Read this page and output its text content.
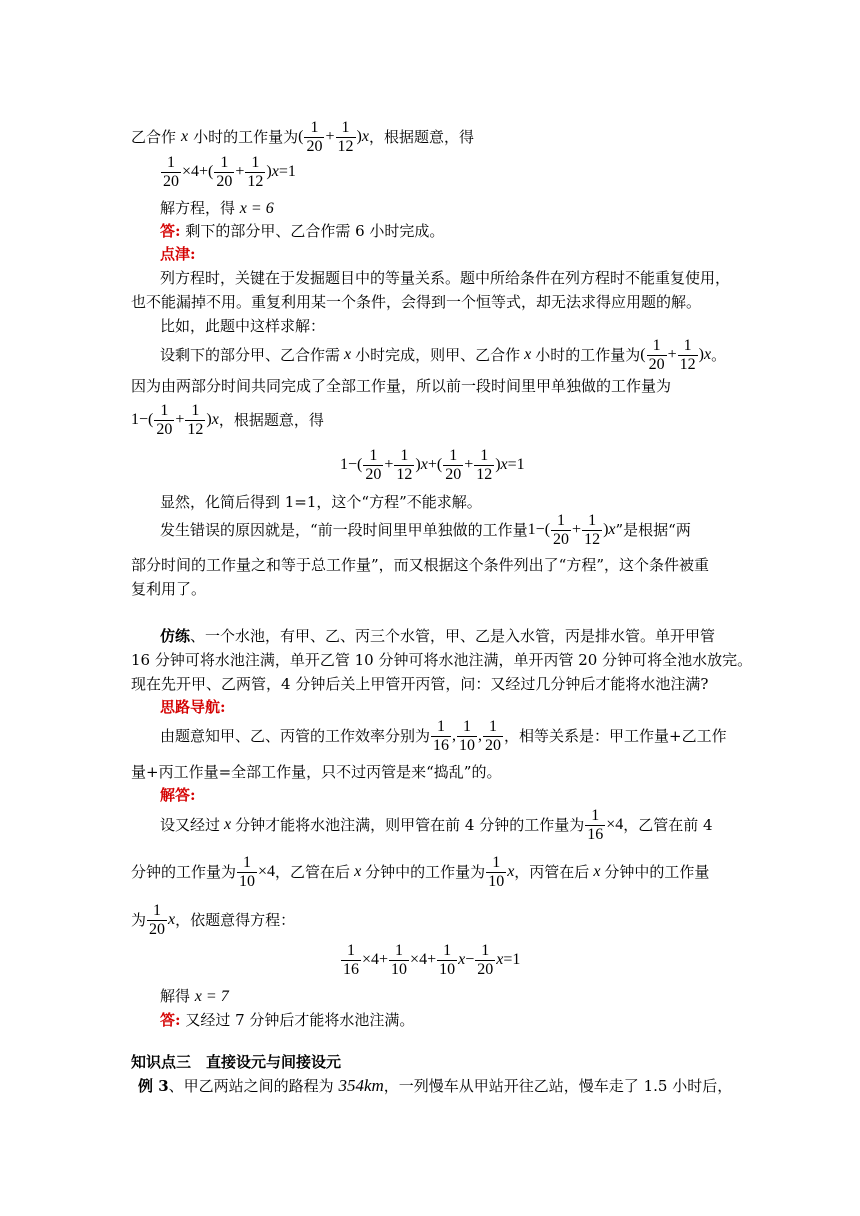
乙合作 x 小时的工作量为 ( $\frac{1}{20} + \frac{1}{12}$ ) x ，根据题意，得
$\frac{1}{20} \times 4+$ ( $\frac{1}{20} + \frac{1}{12}$ ) x =1
解方程，得 x = 6
答: 剩下的部分甲、乙合作需 6 小时完成。
点津:
列方程时，关键在于发掘题目中的等量关系。题中所给条件在列方程时不能重复使用，
也不能漏掉不用。重复利用某一个条件，会得到一个恒等式，却无法求得应用题的解。
比如，此题中这样求解：
设剩下的部分甲、乙合作需 x 小时完成，则甲、乙合作 x 小时的工作量为 ( $\frac{1}{20} + \frac{1}{12}$ ) x 。
因为由两部分时间共同完成了全部工作量，所以前一段时间里甲单独做的工作量为
$1-( \frac{1}{20} + \frac{1}{12}$ ) x ，根据题意，得
$1-( \frac{1}{20} + \frac{1}{12}$ ) x +( $\frac{1}{20} + \frac{1}{12}$ ) x =1
显然，化简后得到 1=1，这个“方程”不能求解。
发生错误的原因就是，“前一段时间里甲单独做的工作量 $1-( \frac{1}{20} + \frac{1}{12}$ ) x ”是根据“两
部分时间的工作量之和等于总工作量”，而又根据这个条件列出了“方程”，这个条件被重
复利用了。
仿练、一个水池，有甲、乙、丙三个水管，甲、乙是入水管，丙是排水管。单开甲管
16 分钟可将水池注满，单开乙管 10 分钟可将水池注满，单开丙管 20 分钟可将全池水放完。
现在先开甲、乙两管，4 分钟后关上甲管开丙管，问：又经过几分钟后才能将水池注满?
思路导航:
由题意知甲、乙、丙管的工作效率分别为 $\frac{1}{16}$ , $\frac{1}{10}$ , $\frac{1}{20}$ ，相等关系是：甲工作量+乙工作
量+丙工作量=全部工作量，只不过丙管是来“捣乱”的。
解答:
设又经过 x 分钟才能将水池注满，则甲管在前 4 分钟的工作量为 $\frac{1}{16} \times 4$ ，乙管在前 4
分钟的工作量为 $\frac{1}{10} \times 4$ ，乙管在后 x 分钟中的工作量为 $\frac{1}{10}$ x ，丙管在后 x 分钟中的工作量
为 $\frac{1}{20}$ x ，依题意得方程：
$\frac{1}{16} \times 4+ \frac{1}{10} \times 4+ \frac{1}{10}$ $x - \frac{1}{20}$ x =1
解得 x = 7
答: 又经过 7 分钟后才能将水池注满。
知识点三　直接设元与间接设元
例 3、甲乙两站之间的路程为 354km，一列慢车从甲站开往乙站，慢车走了 1.5 小时后，
